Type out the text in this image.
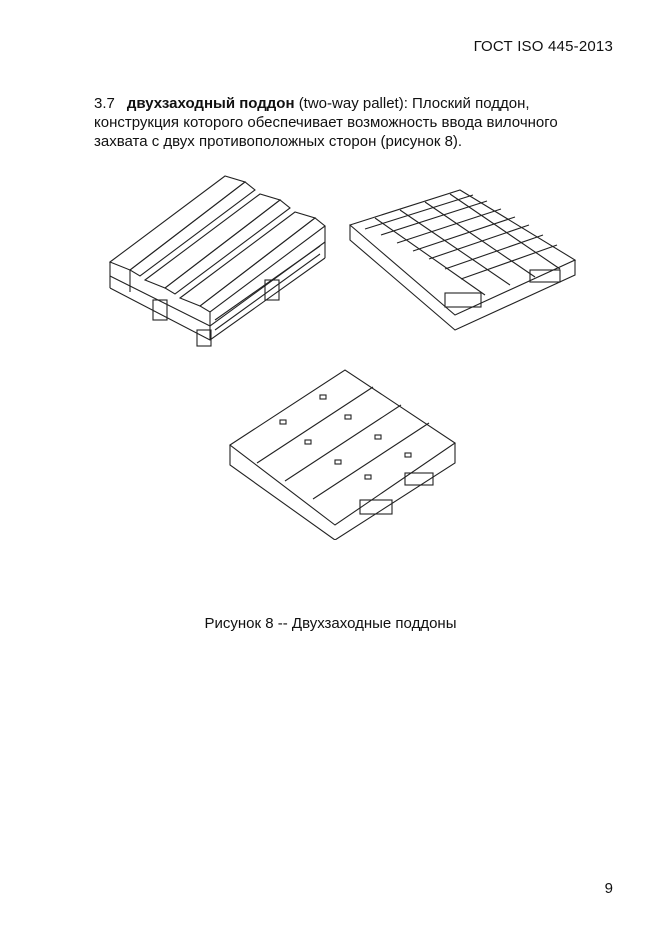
ГОСТ ISO 445-2013
3.7 двухзаходный поддон (two-way pallet): Плоский поддон,
конструкция которого обеспечивает возможность ввода вилочного
захвата с двух противоположных сторон (рисунок 8).
Рисунок 8 -- Двухзаходные поддоны
9
